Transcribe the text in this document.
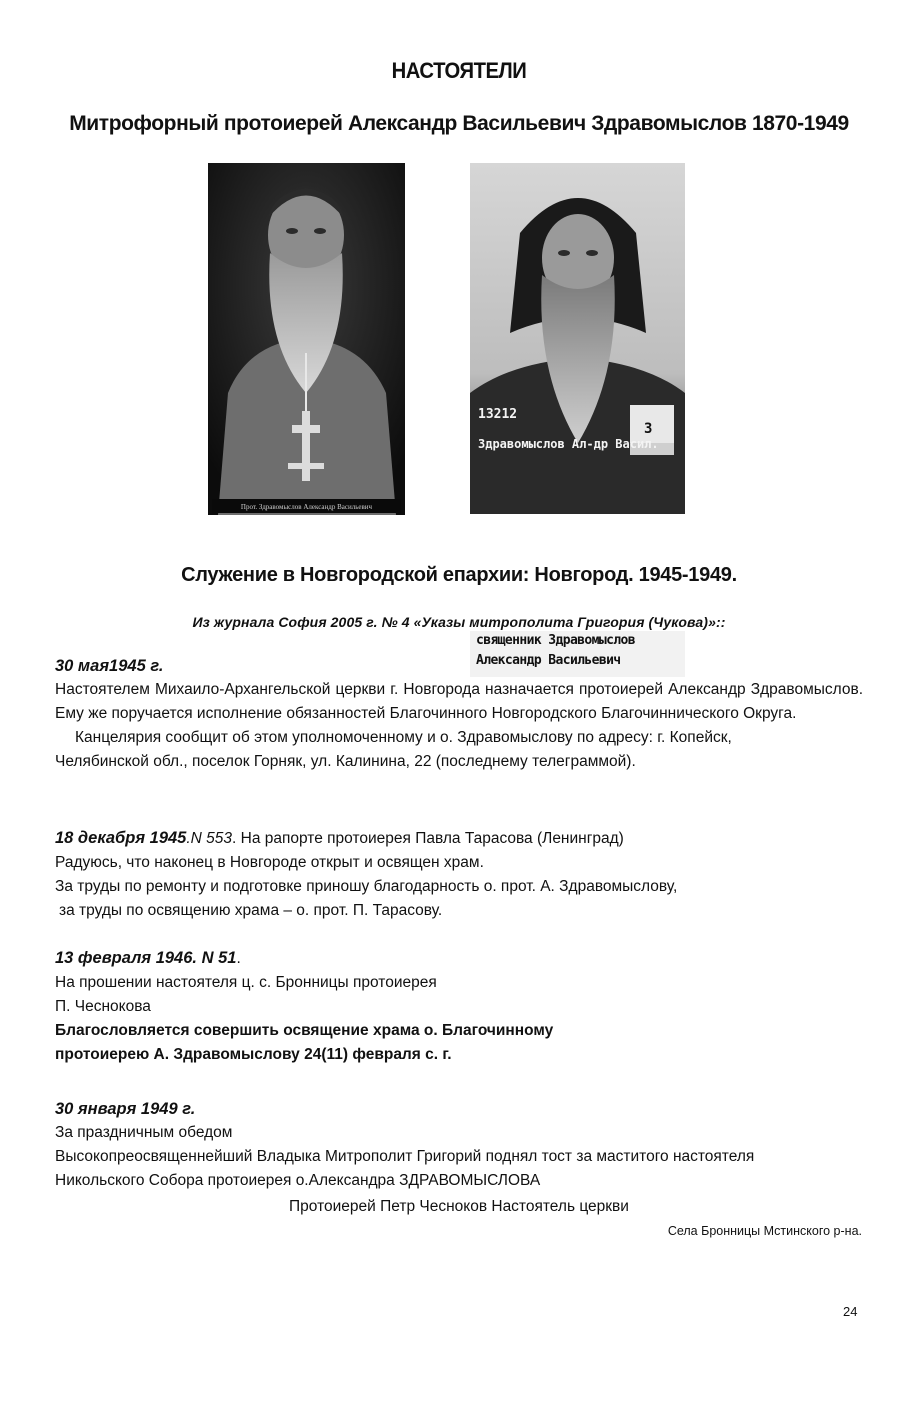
НАСТОЯТЕЛИ
Митрофорный протоиерей Александр Васильевич Здравомыслов 1870-1949
Прот. Здравомыслов Александр Васильевич
13212
Здравомыслов Ал-др Васил.
3
священник Здравомыслов
Александр Васильевич
Служение в Новгородской епархии: Новгород. 1945-1949.
Из журнала София 2005 г. № 4 «Указы митрополита Григория (Чукова)»::
30 мая1945 г.
Настоятелем Михаило-Архангельской церкви г. Новгорода назначается протоиерей Александр Здравомыслов. Ему же поручается исполнение обязанностей Благочинного Новгородского Благочиннического Округа.
Канцелярия сообщит об этом уполномоченному и о. Здравомыслову по адресу: г. Копейск,
Челябинской обл., поселок Горняк, ул. Калинина, 22 (последнему телеграммой).
18 декабря 1945.N 553. На рапорте протоиерея Павла Тарасова (Ленинград)
Радуюсь, что наконец в Новгороде открыт и освящен храм.
За труды по ремонту и подготовке приношу благодарность о. прот. А. Здравомыслову,
за труды по освящению храма – о. прот. П. Тарасову.
13 февраля 1946. N 51.
На прошении настоятеля ц. с. Бронницы протоиерея
П. Чеснокова
Благословляется совершить освящение храма о. Благочинному
протоиерею А. Здравомыслову 24(11) февраля с. г.
30 января 1949 г.
За праздничным обедом
Высокопреосвященнейший Владыка Митрополит Григорий поднял тост за маститого настоятеля
Никольского Собора протоиерея о.Александра ЗДРАВОМЫСЛОВА
Протоиерей Петр Чесноков Настоятель церкви
Села Бронницы Мстинского р-на.
24
